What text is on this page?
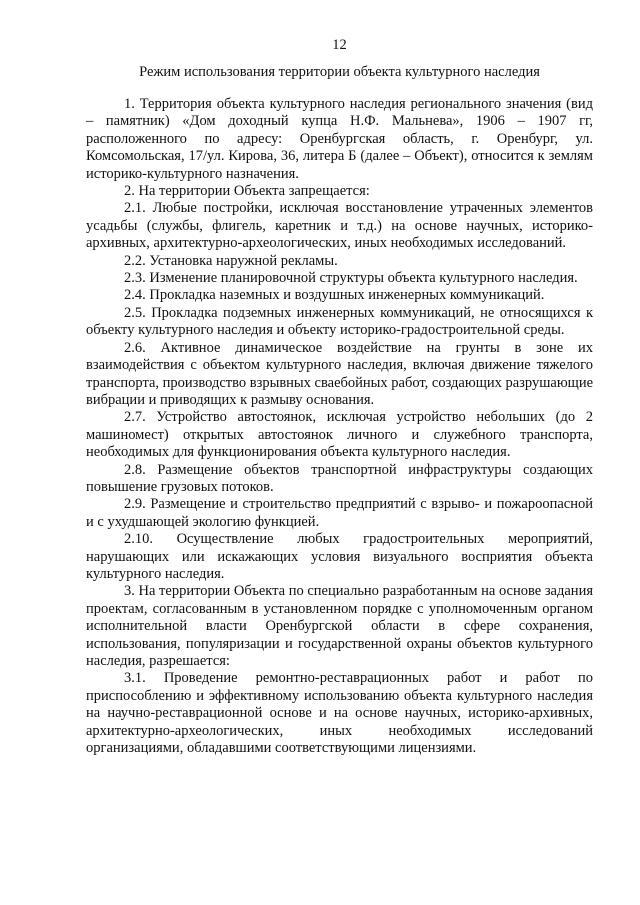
12
Режим использования территории объекта культурного наследия

1. Территория объекта культурного наследия регионального значения (вид – памятник) «Дом доходный купца Н.Ф. Мальнева», 1906 – 1907 гг, расположенного по адресу: Оренбургская область, г. Оренбург, ул. Комсомольская, 17/ул. Кирова, 36, литера Б (далее – Объект), относится к землям историко-культурного назначения.

2. На территории Объекта запрещается:

2.1. Любые постройки, исключая восстановление утраченных элементов усадьбы (службы, флигель, каретник и т.д.) на основе научных, историко-архивных, архитектурно-археологических, иных необходимых исследований.

2.2. Установка наружной рекламы.

2.3. Изменение планировочной структуры объекта культурного наследия.

2.4. Прокладка наземных и воздушных инженерных коммуникаций.

2.5. Прокладка подземных инженерных коммуникаций, не относящихся к объекту культурного наследия и объекту историко-градостроительной среды.

2.6. Активное динамическое воздействие на грунты в зоне их взаимодействия с объектом культурного наследия, включая движение тяжелого транспорта, производство взрывных сваебойных работ, создающих разрушающие вибрации и приводящих к размыву основания.

2.7. Устройство автостоянок, исключая устройство небольших (до 2 машиномест) открытых автостоянок личного и служебного транспорта, необходимых для функционирования объекта культурного наследия.

2.8. Размещение объектов транспортной инфраструктуры создающих повышение грузовых потоков.

2.9. Размещение и строительство предприятий с взрыво- и пожароопасной и с ухудшающей экологию функцией.

2.10. Осуществление любых градостроительных мероприятий, нарушающих или искажающих условия визуального восприятия объекта культурного наследия.

3. На территории Объекта по специально разработанным на основе задания проектам, согласованным в установленном порядке с уполномоченным органом исполнительной власти Оренбургской области в сфере сохранения, использования, популяризации и государственной охраны объектов культурного наследия, разрешается:

3.1. Проведение ремонтно-реставрационных работ и работ по приспособлению и эффективному использованию объекта культурного наследия на научно-реставрационной основе и на основе научных, историко-архивных, архитектурно-археологических, иных необходимых исследований организациями, обладавшими соответствующими лицензиями.
